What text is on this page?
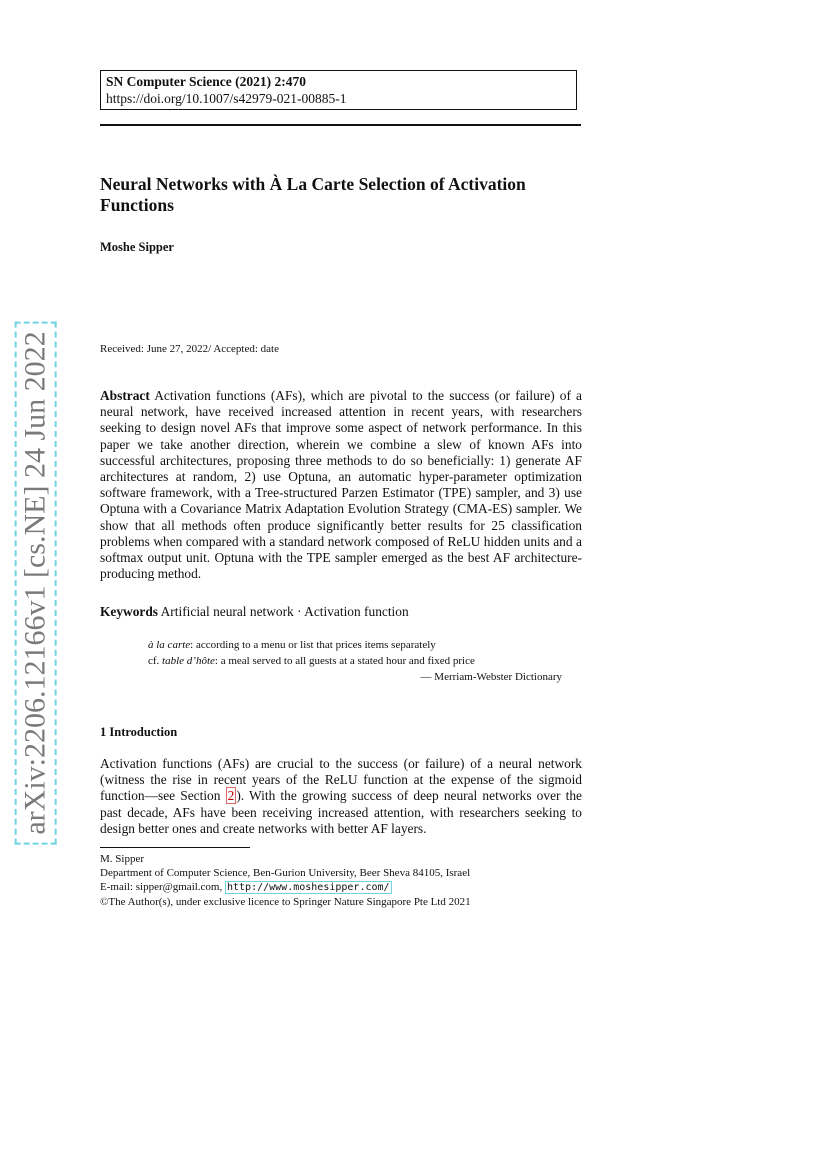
arXiv:2206.12166v1 [cs.NE] 24 Jun 2022
SN Computer Science (2021) 2:470
https://doi.org/10.1007/s42979-021-00885-1
Neural Networks with À La Carte Selection of Activation Functions
Moshe Sipper
Received: June 27, 2022/ Accepted: date
Abstract Activation functions (AFs), which are pivotal to the success (or failure) of a neural network, have received increased attention in recent years, with researchers seeking to design novel AFs that improve some aspect of network performance. In this paper we take another direction, wherein we combine a slew of known AFs into successful architectures, proposing three methods to do so beneficially: 1) generate AF architectures at random, 2) use Optuna, an automatic hyper-parameter optimization software framework, with a Tree-structured Parzen Estimator (TPE) sampler, and 3) use Optuna with a Covariance Matrix Adaptation Evolution Strategy (CMA-ES) sampler. We show that all methods often produce significantly better results for 25 classification problems when compared with a standard network composed of ReLU hidden units and a softmax output unit. Optuna with the TPE sampler emerged as the best AF architecture-producing method.
Keywords Artificial neural network · Activation function
à la carte: according to a menu or list that prices items separately
cf. table d’hôte: a meal served to all guests at a stated hour and fixed price
— Merriam-Webster Dictionary
1 Introduction
Activation functions (AFs) are crucial to the success (or failure) of a neural network (witness the rise in recent years of the ReLU function at the expense of the sigmoid function—see Section 2 ). With the growing success of deep neural networks over the past decade, AFs have been receiving increased attention, with researchers seeking to design better ones and create networks with better AF layers.
M. Sipper
Department of Computer Science, Ben-Gurion University, Beer Sheva 84105, Israel
E-mail: sipper@gmail.com, http://www.moshesipper.com/
©The Author(s), under exclusive licence to Springer Nature Singapore Pte Ltd 2021
